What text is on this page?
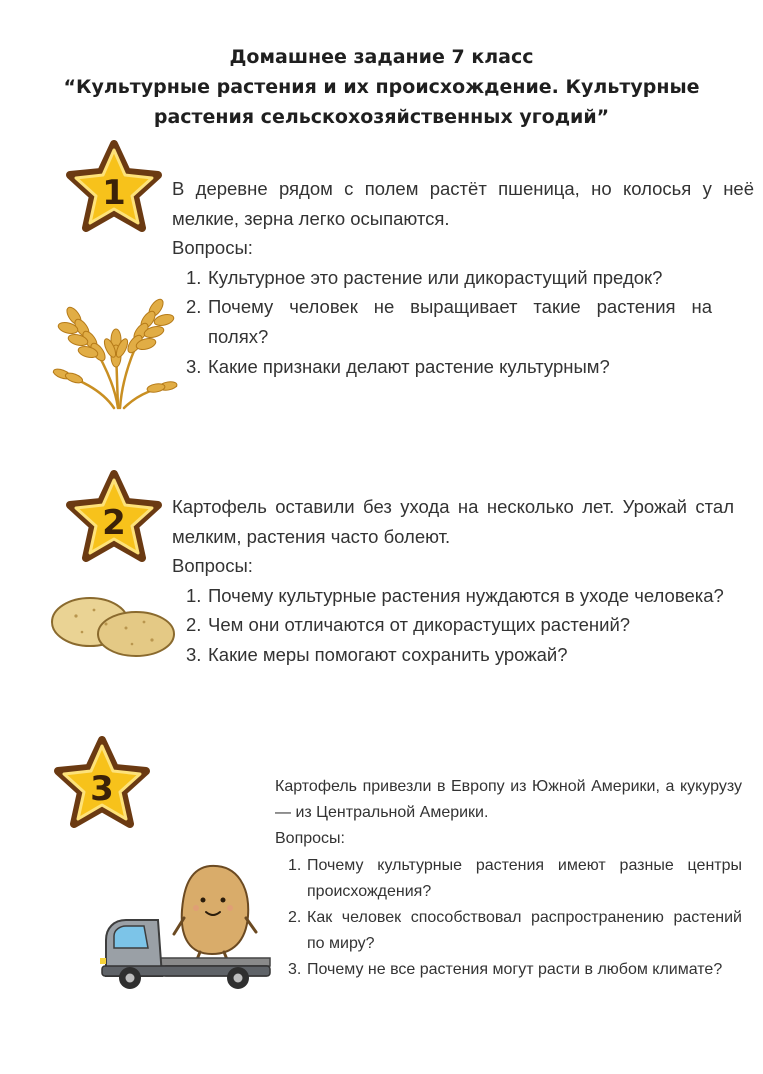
Домашнее задание 7 класс
“Культурные растения и их происхождение. Культурные
растения сельскохозяйственных угодий”
1
2
3

В деревне рядом с полем растёт пшеница, но колосья у неё мелкие, зерна легко осыпаются.

Вопросы:
1. Культурное это растение или дикорастущий предок?
2. Почему человек не выращивает такие растения на полях?
3. Какие признаки делают растение культурным?

Картофель оставили без ухода на несколько лет. Урожай стал мелким, растения часто болеют.

Вопросы:
1. Почему культурные растения нуждаются в уходе человека?
2. Чем они отличаются от дикорастущих растений?
3. Какие меры помогают сохранить урожай?

Картофель привезли в Европу из Южной Америки, а кукурузу — из Центральной Америки.

Вопросы:
1. Почему культурные растения имеют разные центры происхождения?
2. Как человек способствовал распространению растений по миру?
3. Почему не все растения могут расти в любом климате?
